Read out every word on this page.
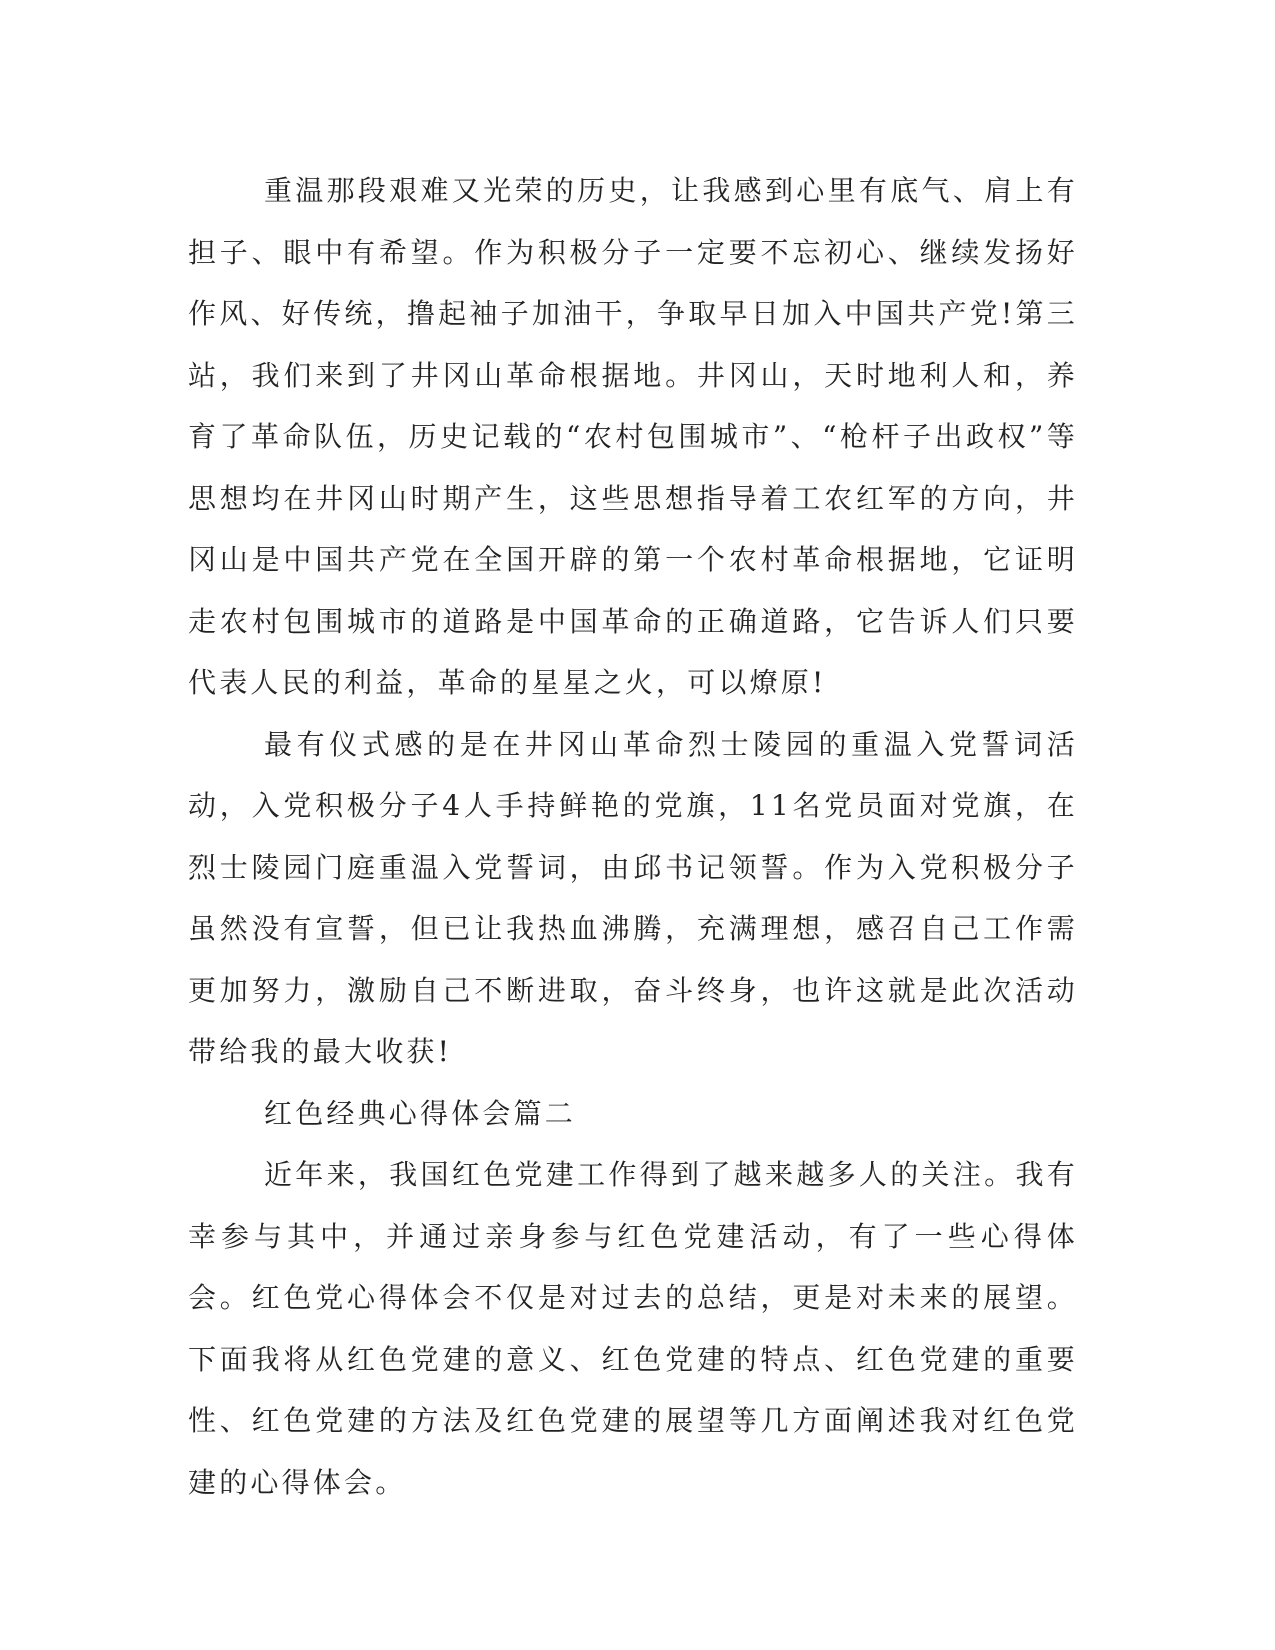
重温那段艰难又光荣的历史，让我感到心里有底气、肩上有担子、眼中有希望。作为积极分子一定要不忘初心、继续发扬好作风、好传统，撸起袖子加油干，争取早日加入中国共产党!第三站，我们来到了井冈山革命根据地。井冈山，天时地利人和，养育了革命队伍，历史记载的“农村包围城市”、“枪杆子出政权”等思想均在井冈山时期产生，这些思想指导着工农红军的方向，井冈山是中国共产党在全国开辟的第一个农村革命根据地，它证明走农村包围城市的道路是中国革命的正确道路，它告诉人们只要代表人民的利益，革命的星星之火，可以燎原!

最有仪式感的是在井冈山革命烈士陵园的重温入党誓词活动，入党积极分子4人手持鲜艳的党旗，11名党员面对党旗，在烈士陵园门庭重温入党誓词，由邱书记领誓。作为入党积极分子虽然没有宣誓，但已让我热血沸腾，充满理想，感召自己工作需更加努力，激励自己不断进取，奋斗终身，也许这就是此次活动带给我的最大收获!

红色经典心得体会篇二

近年来，我国红色党建工作得到了越来越多人的关注。我有幸参与其中，并通过亲身参与红色党建活动，有了一些心得体会。红色党心得体会不仅是对过去的总结，更是对未来的展望。下面我将从红色党建的意义、红色党建的特点、红色党建的重要性、红色党建的方法及红色党建的展望等几方面阐述我对红色党建的心得体会。
